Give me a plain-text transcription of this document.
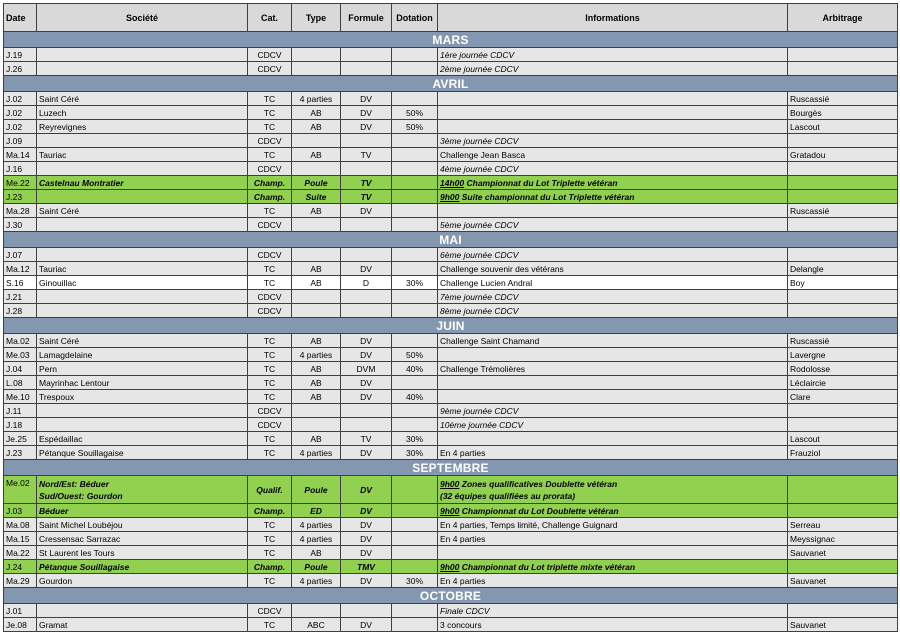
Date	Société	Cat.	Type	Formule	Dotation	Informations	Arbitrage
MARS							
J.19		CDCV				1ère journée CDCV	
J.26		CDCV				2ème journée CDCV	
AVRIL							
J.02	Saint Céré	TC	4 parties	DV			Ruscassié
J.02	Luzech	TC	AB	DV	50%		Bourgès
J.02	Reyrevignes	TC	AB	DV	50%		Lascout
J.09		CDCV				3ème journée CDCV	
Ma.14	Tauriac	TC	AB	TV		Challenge Jean Basca	Gratadou
J.16		CDCV				4ème journée CDCV	
Me.22	Castelnau Montratier	Champ.	Poule	TV		14h00 Championnat du Lot Triplette vétéran	
J.23		Champ.	Suite	TV		9h00 Suite championnat du Lot Triplette vétéran	
Ma.28	Saint Céré	TC	AB	DV			Ruscassié
J.30		CDCV				5ème journée CDCV	
MAI							
J.07		CDCV				6ème journée CDCV	
Ma.12	Tauriac	TC	AB	DV		Challenge souvenir des vétérans	Delangle
S.16	Ginouillac	TC	AB	D	30%	Challenge Lucien Andral	Boy
J.21		CDCV				7ème journée CDCV	
J.28		CDCV				8ème journée CDCV	
JUIN							
Ma.02	Saint Céré	TC	AB	DV		Challenge Saint Chamand	Ruscassié
Me.03	Lamagdelaine	TC	4 parties	DV	50%		Lavergne
J.04	Pern	TC	AB	DVM	40%	Challenge Trémolières	Rodolosse
L.08	Mayrinhac Lentour	TC	AB	DV			Léclaircie
Me.10	Trespoux	TC	AB	DV	40%		Clare
J.11		CDCV				9ème journée CDCV	
J.18		CDCV				10ème journée CDCV	
Je.25	Espédaillac	TC	AB	TV	30%		Lascout
J.23	Pétanque Souillagaise	TC	4 parties	DV	30%	En 4 parties	Frauziol
SEPTEMBRE							
Me.02	Nord/Est: Béduer
Sud/Ouest: Gourdon	Qualif.	Poule	DV		9h00 Zones qualificatives Doublette vétéran
(32 équipes qualifiées au prorata)	

J.03	Béduer	Champ.	ED	DV		9h00 Championnat du Lot Doublette vétéran	
Ma.08	Saint Michel Loubéjou	TC	4 parties	DV		En 4 parties, Temps limité, Challenge Guignard	Serreau
Ma.15	Cressensac Sarrazac	TC	4 parties	DV		En 4 parties	Meyssignac
Ma.22	St Laurent les Tours	TC	AB	DV			Sauvanet
J.24	Pétanque Souillagaise	Champ.	Poule	TMV		9h00 Championnat du Lot triplette mixte vétéran	
Ma.29	Gourdon	TC	4 parties	DV	30%	En 4 parties	Sauvanet
OCTOBRE							
J.01		CDCV				Finale CDCV	
Je.08	Gramat	TC	ABC	DV		3 concours	Sauvanet
